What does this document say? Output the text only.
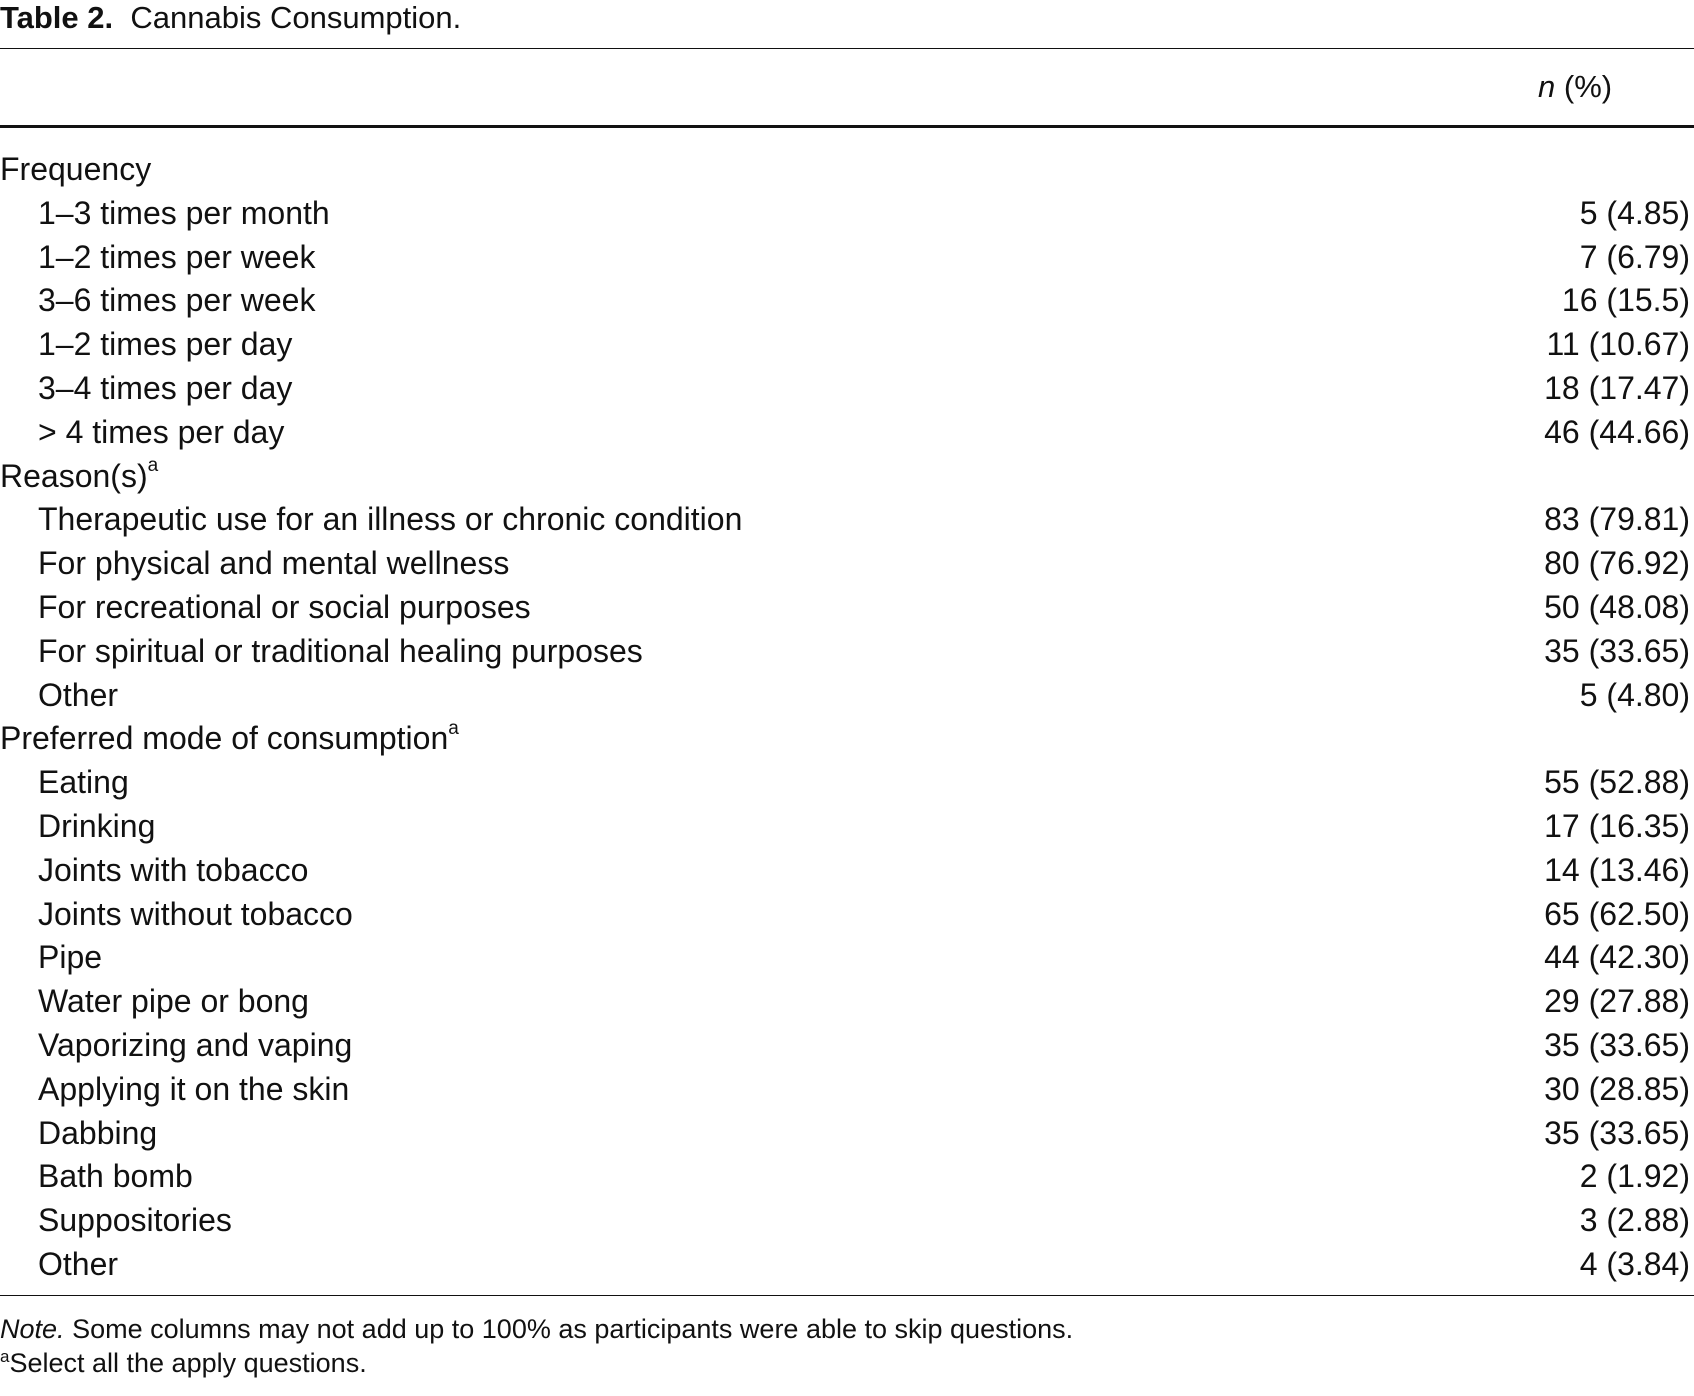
Table 2. Cannabis Consumption.
n (%)
Frequency	
1–3 times per month	5 (4.85)
1–2 times per week	7 (6.79)
3–6 times per week	16 (15.5)
1–2 times per day	11 (10.67)
3–4 times per day	18 (17.47)
> 4 times per day	46 (44.66)
Reason(s)$^a$	
Therapeutic use for an illness or chronic condition	83 (79.81)
For physical and mental wellness	80 (76.92)
For recreational or social purposes	50 (48.08)
For spiritual or traditional healing purposes	35 (33.65)
Other	5 (4.80)
Preferred mode of consumption$^a$	
Eating	55 (52.88)
Drinking	17 (16.35)
Joints with tobacco	14 (13.46)
Joints without tobacco	65 (62.50)
Pipe	44 (42.30)
Water pipe or bong	29 (27.88)
Vaporizing and vaping	35 (33.65)
Applying it on the skin	30 (28.85)
Dabbing	35 (33.65)
Bath bomb	2 (1.92)
Suppositories	3 (2.88)
Other	4 (3.84)
Note. Some columns may not add up to 100% as participants were able to skip questions.
$^a$Select all the apply questions.
